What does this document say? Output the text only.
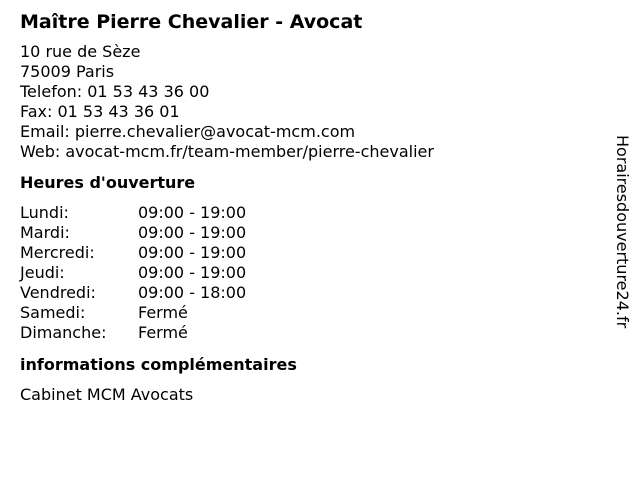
Maître Pierre Chevalier - Avocat
10 rue de Sèze
75009 Paris
Telefon: 01 53 43 36 00
Fax: 01 53 43 36 01
Email: pierre.chevalier@avocat-mcm.com
Web: avocat-mcm.fr/team-member/pierre-chevalier
Heures d'ouverture
Lundi:	09:00 - 19:00
Mardi:	09:00 - 19:00
Mercredi:	09:00 - 19:00
Jeudi:	09:00 - 19:00
Vendredi:	09:00 - 18:00
Samedi:	Fermé
Dimanche:	Fermé
informations complémentaires
Cabinet MCM Avocats
Horairesdouverture24.fr
